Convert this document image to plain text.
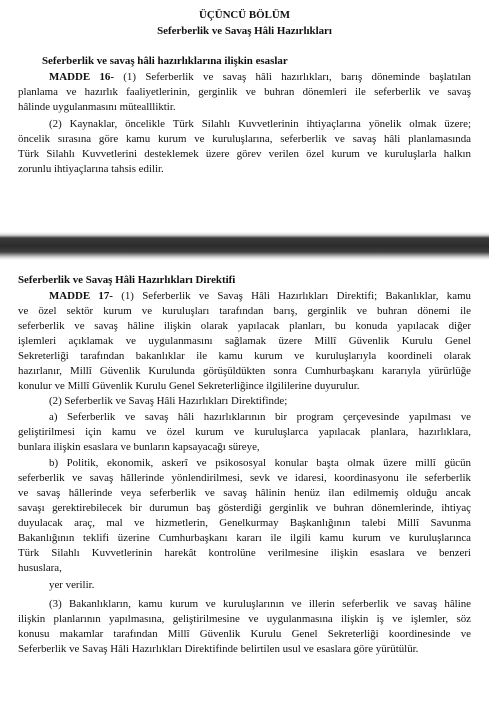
ÜÇÜNCÜ BÖLÜM
Seferberlik ve Savaş Hâli Hazırlıkları
Seferberlik ve savaş hâli hazırlıklarına ilişkin esaslar
MADDE 16- (1) Seferberlik ve savaş hâli hazırlıkları, barış döneminde başlatılan
planlama ve hazırlık faaliyetlerinin, gerginlik ve buhran dönemleri ile seferberlik ve savaş
hâlinde uygulanmasını müteallliktir.
(2) Kaynaklar, öncelikle Türk Silahlı Kuvvetlerinin ihtiyaçlarına yönelik olmak üzere;
öncelik sırasına göre kamu kurum ve kuruluşlarına, seferberlik ve savaş hâli planlamasında
Türk Silahlı Kuvvetlerini desteklemek üzere görev verilen özel kurum ve kuruluşlarla halkın
zorunlu ihtiyaçlarına tahsis edilir.
Seferberlik ve Savaş Hâli Hazırlıkları Direktifi
MADDE 17- (1) Seferberlik ve Savaş Hâli Hazırlıkları Direktifi; Bakanlıklar, kamu
ve özel sektör kurum ve kuruluşları tarafından barış, gerginlik ve buhran dönemi ile
seferberlik ve savaş hâline ilişkin olarak yapılacak planları, bu konuda yapılacak diğer
işlemleri açıklamak ve uygulanmasını sağlamak üzere Millî Güvenlik Kurulu Genel
Sekreterliği tarafından bakanlıklar ile kamu kurum ve kuruluşlarıyla koordineli olarak
hazırlanır, Millî Güvenlik Kurulunda görüşüldükten sonra Cumhurbaşkanı kararıyla yürürlüğe
konulur ve Millî Güvenlik Kurulu Genel Sekreterliğince ilgililerine duyurulur.
(2) Seferberlik ve Savaş Hâli Hazırlıkları Direktifinde;
a) Seferberlik ve savaş hâli hazırlıklarının bir program çerçevesinde yapılması ve
geliştirilmesi için kamu ve özel kurum ve kuruluşlarca yapılacak planlara, hazırlıklara,
bunlara ilişkin esaslara ve bunların kapsayacağı süreye,
b) Politik, ekonomik, askerî ve psikososyal konular başta olmak üzere millî gücün
seferberlik ve savaş hâllerinde yönlendirilmesi, sevk ve idaresi, koordinasyonu ile seferberlik
ve savaş hâllerinde veya seferberlik ve savaş hâlinin henüz ilan edilmemiş olduğu ancak
savaşı gerektirebilecek bir durumun baş gösterdiği gerginlik ve buhran dönemlerinde, ihtiyaç
duyulacak araç, mal ve hizmetlerin, Genelkurmay Başkanlığının talebi Millî Savunma
Bakanlığının teklifi üzerine Cumhurbaşkanı kararı ile ilgili kamu kurum ve kuruluşlarınca
Türk Silahlı Kuvvetlerinin harekât kontrolüne verilmesine ilişkin esaslara ve benzeri
hususlara,
yer verilir.
(3) Bakanlıkların, kamu kurum ve kuruluşlarının ve illerin seferberlik ve savaş hâline
ilişkin planlarının yapılmasına, geliştirilmesine ve uygulanmasına ilişkin iş ve işlemler, söz
konusu makamlar tarafından Millî Güvenlik Kurulu Genel Sekreterliği koordinesinde ve
Seferberlik ve Savaş Hâli Hazırlıkları Direktifinde belirtilen usul ve esaslara göre yürütülür.
